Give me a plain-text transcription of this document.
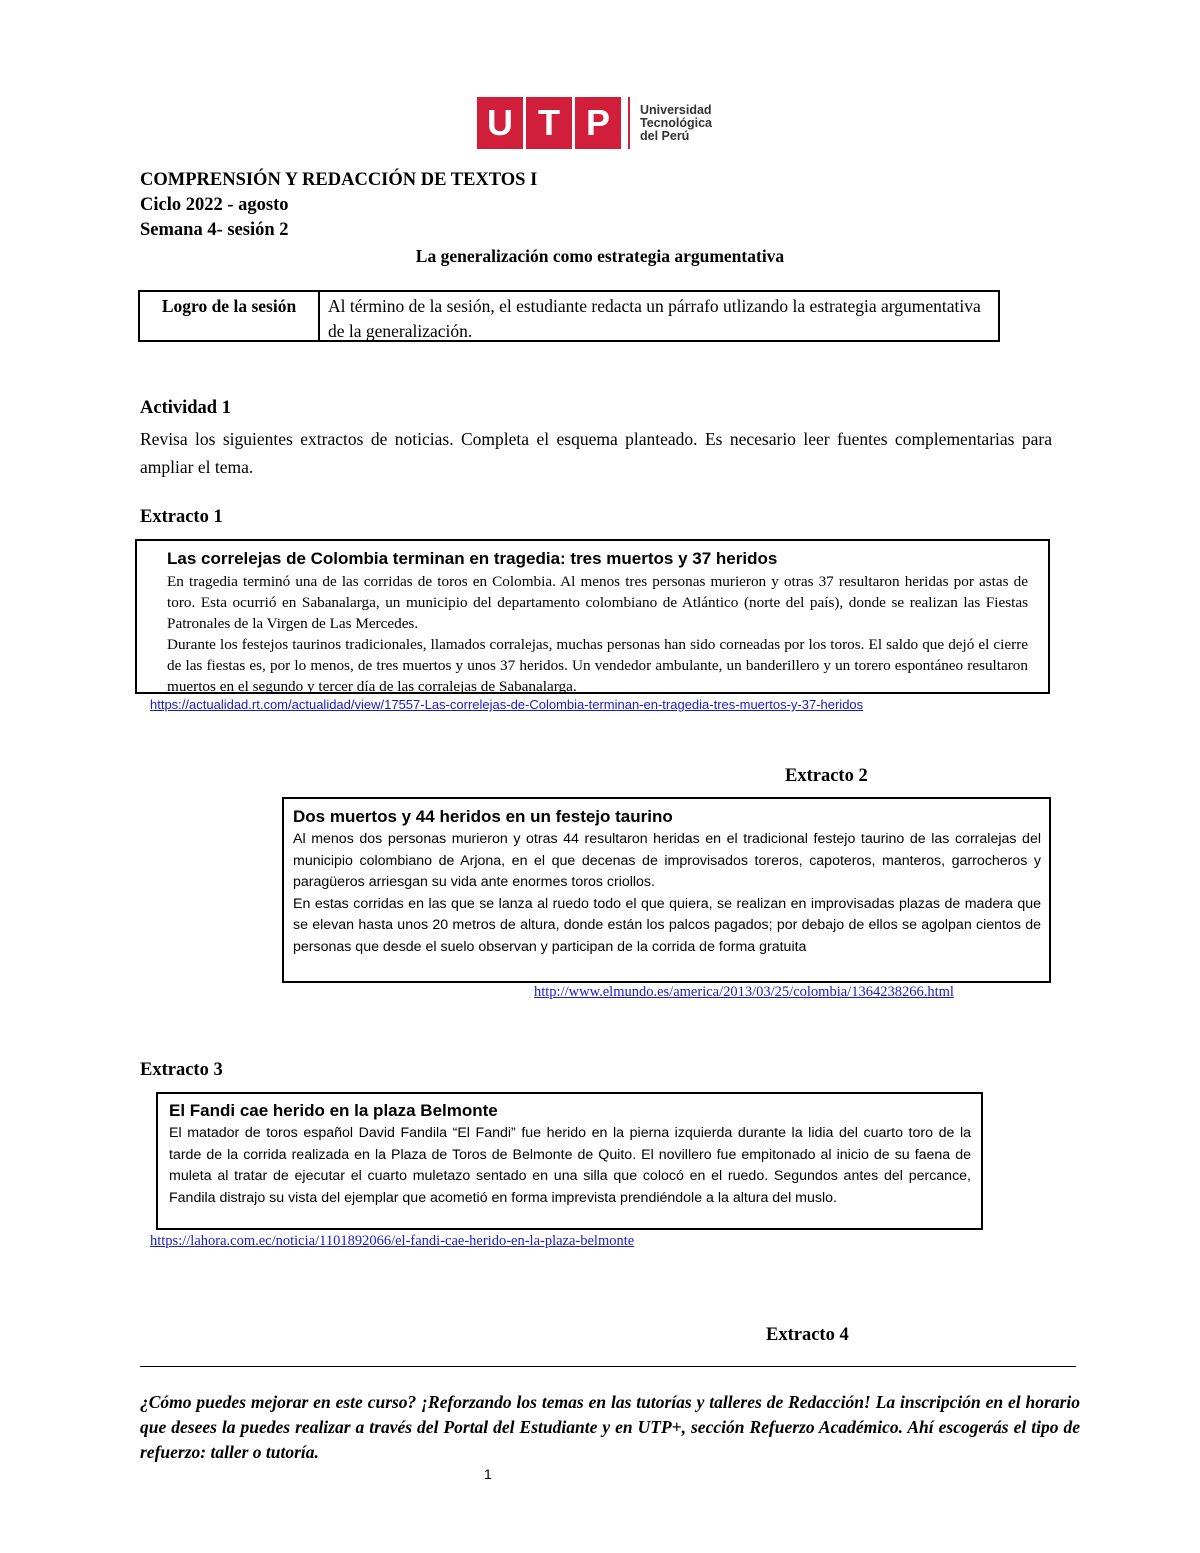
U T P	Universidad
Tecnológica
del Perú
COMPRENSIÓN Y REDACCIÓN DE TEXTOS I
Ciclo 2022 - agosto
Semana 4- sesión 2
La generalización como estrategia argumentativa
Logro de la sesión	Al término de la sesión, el estudiante redacta un párrafo utlizando la estrategia argumentativa de la generalización.
Actividad 1
Revisa los siguientes extractos de noticias. Completa el esquema planteado. Es necesario leer fuentes complementarias para ampliar el tema.
Extracto 1
Las correlejas de Colombia terminan en tragedia: tres muertos y 37 heridos
En tragedia terminó una de las corridas de toros en Colombia. Al menos tres personas murieron y otras 37 resultaron heridas por astas de toro. Esta ocurrió en Sabanalarga, un municipio del departamento colombiano de Atlántico (norte del país), donde se realizan las Fiestas Patronales de la Virgen de Las Mercedes.
Durante los festejos taurinos tradicionales, llamados corralejas, muchas personas han sido corneadas por los toros. El saldo que dejó el cierre de las fiestas es, por lo menos, de tres muertos y unos 37 heridos. Un vendedor ambulante, un banderillero y un torero espontáneo resultaron muertos en el segundo y tercer día de las corralejas de Sabanalarga.
https://actualidad.rt.com/actualidad/view/17557-Las-correlejas-de-Colombia-terminan-en-tragedia-tres-muertos-y-37-heridos
Extracto 2
Dos muertos y 44 heridos en un festejo taurino
Al menos dos personas murieron y otras 44 resultaron heridas en el tradicional festejo taurino de las corralejas del municipio colombiano de Arjona, en el que decenas de improvisados toreros, capoteros, manteros, garrocheros y paragüeros arriesgan su vida ante enormes toros criollos.
En estas corridas en las que se lanza al ruedo todo el que quiera, se realizan en improvisadas plazas de madera que se elevan hasta unos 20 metros de altura, donde están los palcos pagados; por debajo de ellos se agolpan cientos de personas que desde el suelo observan y participan de la corrida de forma gratuita
http://www.elmundo.es/america/2013/03/25/colombia/1364238266.html
Extracto 3
El Fandi cae herido en la plaza Belmonte
El matador de toros español David Fandila “El Fandi” fue herido en la pierna izquierda durante la lidia del cuarto toro de la tarde de la corrida realizada en la Plaza de Toros de Belmonte de Quito. El novillero fue empitonado al inicio de su faena de muleta al tratar de ejecutar el cuarto muletazo sentado en una silla que colocó en el ruedo. Segundos antes del percance, Fandila distrajo su vista del ejemplar que acometió en forma imprevista prendiéndole a la altura del muslo.
https://lahora.com.ec/noticia/1101892066/el-fandi-cae-herido-en-la-plaza-belmonte
Extracto 4
¿Cómo puedes mejorar en este curso? ¡Reforzando los temas en las tutorías y talleres de Redacción! La inscripción en el horario que desees la puedes realizar a través del Portal del Estudiante y en UTP+, sección Refuerzo Académico. Ahí escogerás el tipo de refuerzo: taller o tutoría.
1
